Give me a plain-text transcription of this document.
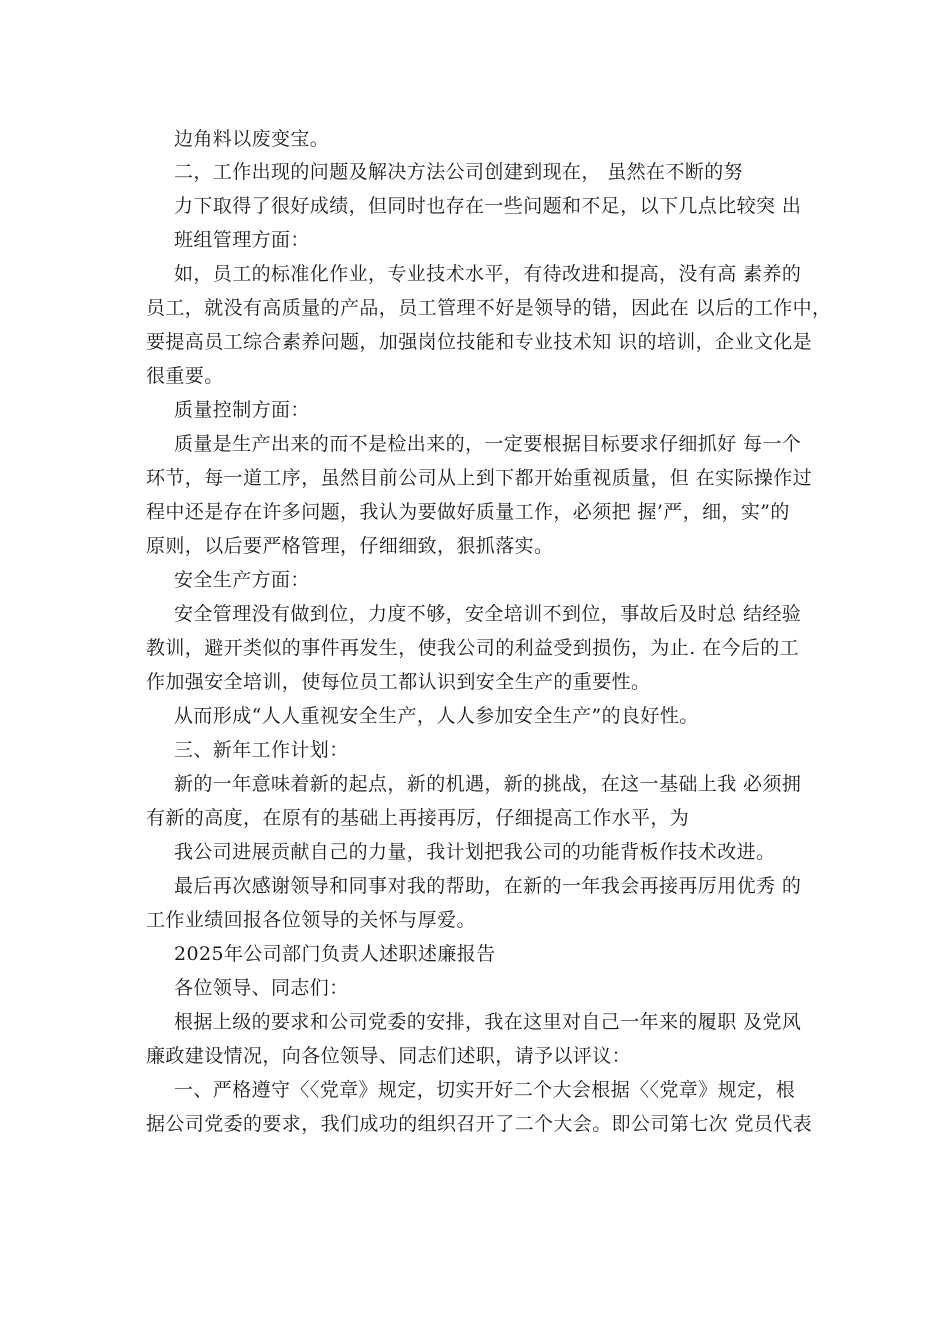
边角料以废变宝。
二，工作出现的问题及解决方法公司创建到现在， 虽然在不断的努
力下取得了很好成绩，但同时也存在一些问题和不足，以下几点比较突 出
班组管理方面：
如，员工的标准化作业，专业技术水平，有待改进和提高，没有高 素养的
员工，就没有高质量的产品，员工管理不好是领导的错，因此在 以后的工作中，
要提高员工综合素养问题，加强岗位技能和专业技术知 识的培训，企业文化是
很重要。
质量控制方面：
质量是生产出来的而不是检出来的，一定要根据目标要求仔细抓好 每一个
环节，每一道工序，虽然目前公司从上到下都开始重视质量，但 在实际操作过
程中还是存在许多问题，我认为要做好质量工作，必须把 握’严，细，实”的
原则，以后要严格管理，仔细细致，狠抓落实。
安全生产方面：
安全管理没有做到位，力度不够，安全培训不到位，事故后及时总 结经验
教训，避开类似的事件再发生，使我公司的利益受到损伤，为止. 在今后的工
作加强安全培训，使每位员工都认识到安全生产的重要性。
从而形成“人人重视安全生产，人人参加安全生产”的良好性。
三、新年工作计划：
新的一年意味着新的起点，新的机遇，新的挑战，在这一基础上我 必须拥
有新的高度，在原有的基础上再接再厉，仔细提高工作水平，为
我公司进展贡献自己的力量，我计划把我公司的功能背板作技术改进。
最后再次感谢领导和同事对我的帮助，在新的一年我会再接再厉用优秀 的
工作业绩回报各位领导的关怀与厚爱。
2025年公司部门负责人述职述廉报告
各位领导、同志们：
根据上级的要求和公司党委的安排，我在这里对自己一年来的履职 及党风
廉政建设情况，向各位领导、同志们述职，请予以评议：
一、严格遵守〈〈党章》规定，切实开好二个大会根据〈〈党章》规定，根
据公司党委的要求，我们成功的组织召开了二个大会。即公司第七次 党员代表
